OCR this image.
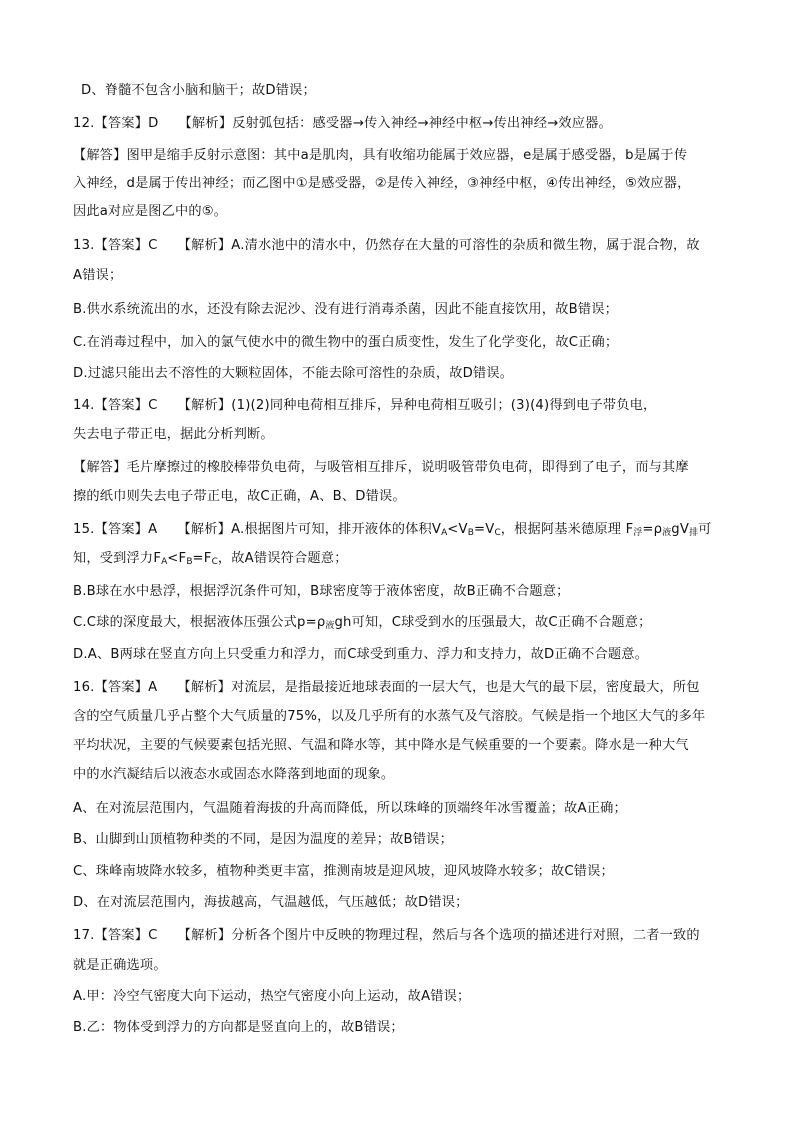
D、脊髓不包含小脑和脑干；故D错误；
12.【答案】D　　【解析】反射弧包括：感受器→传入神经→神经中枢→传出神经→效应器。
【解答】图甲是缩手反射示意图：其中a是肌肉，具有收缩功能属于效应器，e是属于感受器，b是属于传
入神经，d是属于传出神经；而乙图中①是感受器，②是传入神经，③神经中枢，④传出神经，⑤效应器，
因此a对应是图乙中的⑤。
13.【答案】C　　【解析】A.清水池中的清水中，仍然存在大量的可溶性的杂质和微生物，属于混合物，故
A错误；
B.供水系统流出的水，还没有除去泥沙、没有进行消毒杀菌，因此不能直接饮用，故B错误；
C.在消毒过程中，加入的氯气使水中的微生物中的蛋白质变性，发生了化学变化，故C正确；
D.过滤只能出去不溶性的大颗粒固体，不能去除可溶性的杂质，故D错误。
14.【答案】C　　【解析】(1)(2)同种电荷相互排斥，异种电荷相互吸引；(3)(4)得到电子带负电，
失去电子带正电，据此分析判断。
【解答】毛片摩擦过的橡胶棒带负电荷，与吸管相互排斥，说明吸管带负电荷，即得到了电子，而与其摩
擦的纸巾则失去电子带正电，故C正确，A、B、D错误。
15.【答案】A　　【解析】A.根据图片可知，排开液体的体积$V_A<V_B=V_C$，根据阿基米德原理 $F_浮=\rho_液gV_排$可
知，受到浮力$F_A<F_B=F_C$，故A错误符合题意；
B.B球在水中悬浮，根据浮沉条件可知，B球密度等于液体密度，故B正确不合题意；
C.C球的深度最大，根据液体压强公式$p=\rho_液gh$可知，C球受到水的压强最大，故C正确不合题意；
D.A、B两球在竖直方向上只受重力和浮力，而C球受到重力、浮力和支持力，故D正确不合题意。
16.【答案】A　　【解析】对流层，是指最接近地球表面的一层大气，也是大气的最下层，密度最大，所包
含的空气质量几乎占整个大气质量的75%，以及几乎所有的水蒸气及气溶胶。气候是指一个地区大气的多年
平均状况，主要的气候要素包括光照、气温和降水等，其中降水是气候重要的一个要素。降水是一种大气
中的水汽凝结后以液态水或固态水降落到地面的现象。
A、在对流层范围内，气温随着海拔的升高而降低，所以珠峰的顶端终年冰雪覆盖；故A正确；
B、山脚到山顶植物种类的不同，是因为温度的差异；故B错误；
C、珠峰南坡降水较多，植物种类更丰富，推测南坡是迎风坡，迎风坡降水较多；故C错误；
D、在对流层范围内，海拔越高，气温越低，气压越低；故D错误；
17.【答案】C　　【解析】分析各个图片中反映的物理过程，然后与各个选项的描述进行对照，二者一致的
就是正确选项。
A.甲：冷空气密度大向下运动，热空气密度小向上运动，故A错误；
B.乙：物体受到浮力的方向都是竖直向上的，故B错误；
